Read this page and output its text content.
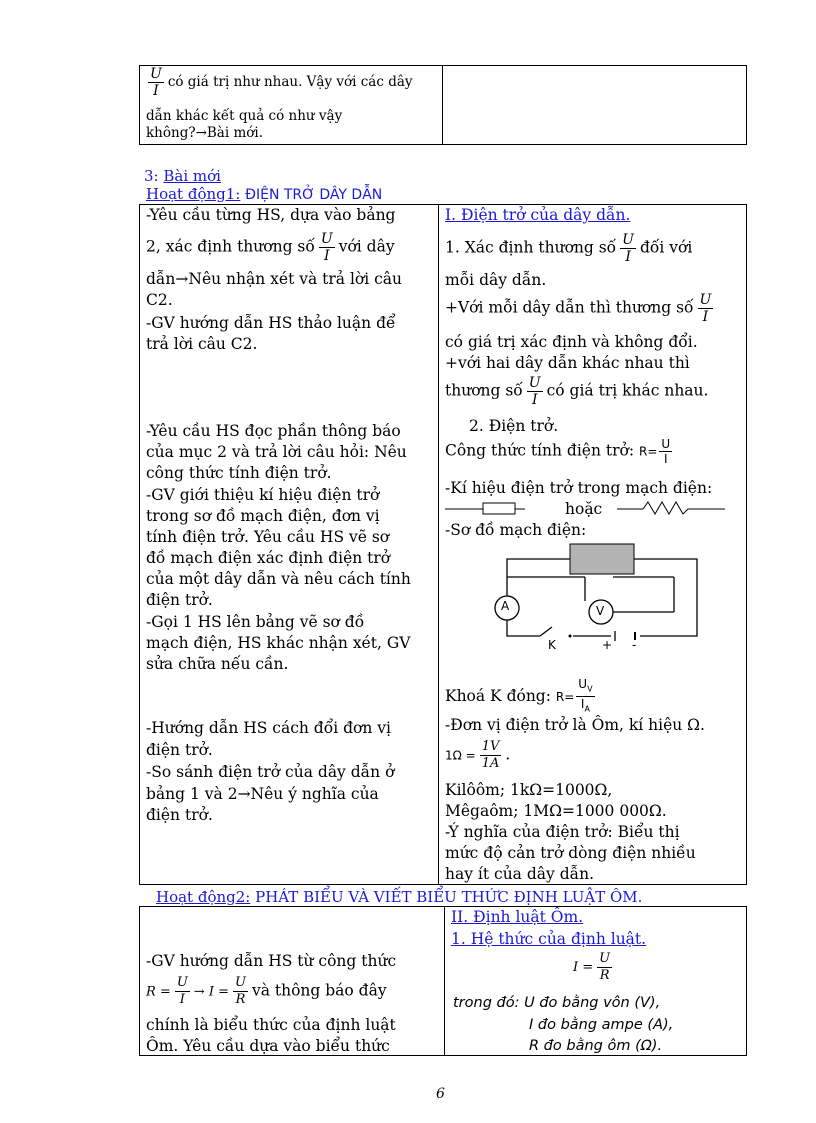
$\frac{U}{I}$ có giá trị như nhau. Vậy với các dây
dẫn khác kết quả có như vậy
không?→Bài mới.

3: Bài mới
Hoạt động1: ĐIỆN TRỞ DÂY DẪN
-Yêu cầu từng HS, dựa vào bảng
2, xác định thương số $\frac{U}{I}$ với dây
dẫn→Nêu nhận xét và trả lời câu
C2.
-GV hướng dẫn HS thảo luận để
trả lời câu C2.
-Yêu cầu HS đọc phần thông báo
của mục 2 và trả lời câu hỏi: Nêu
công thức tính điện trở.
-GV giới thiệu kí hiệu điện trở
trong sơ đồ mạch điện, đơn vị
tính điện trở. Yêu cầu HS vẽ sơ
đồ mạch điện xác định điện trở
của một dây dẫn và nêu cách tính
điện trở.
-Gọi 1 HS lên bảng vẽ sơ đồ
mạch điện, HS khác nhận xét, GV
sửa chữa nếu cần.
-Hướng dẫn HS cách đổi đơn vị
điện trở.
-So sánh điện trở của dây dẫn ở
bảng 1 và 2→Nêu ý nghĩa của
điện trở.

I. Điện trở của dây dẫn.
1. Xác định thương số $\frac{U}{I}$ đối với
mỗi dây dẫn.
+Với mỗi dây dẫn thì thương số $\frac{U}{I}$
có giá trị xác định và không đổi.
+với hai dây dẫn khác nhau thì
thương số $\frac{U}{I}$ có giá trị khác nhau.
2. Điện trở.
Công thức tính điện trở: $R= \frac{U}{I}$
-Kí hiệu điện trở trong mạch điện:
hoặc
-Sơ đồ mạch điện:
A	V
K	+ -
Khoá K đóng: $R= \frac{U_V}{I_A}$
-Đơn vị điện trở là Ôm, kí hiệu Ω.
$1\Omega = \frac{1V}{1A}$ .
Kilôôm; 1kΩ=1000Ω,
Mêgaôm; 1MΩ=1000 000Ω.
-Ý nghĩa của điện trở: Biểu thị
mức độ cản trở dòng điện nhiều
hay ít của dây dẫn.
Hoạt động2: PHÁT BIỂU VÀ VIẾT BIỂU THỨC ĐỊNH LUẬT ÔM.
-GV hướng dẫn HS từ công thức
$R = \frac{U}{I} \to I = \frac{U}{R}$ và thông báo đây
chính là biểu thức của định luật
Ôm. Yêu cầu dựa vào biểu thức

II. Định luật Ôm.
1. Hệ thức của định luật.
$I = \frac{U}{R}$
trong đó: U đo bằng vôn (V),
I đo bằng ampe (A),
R đo bằng ôm (Ω).
6
